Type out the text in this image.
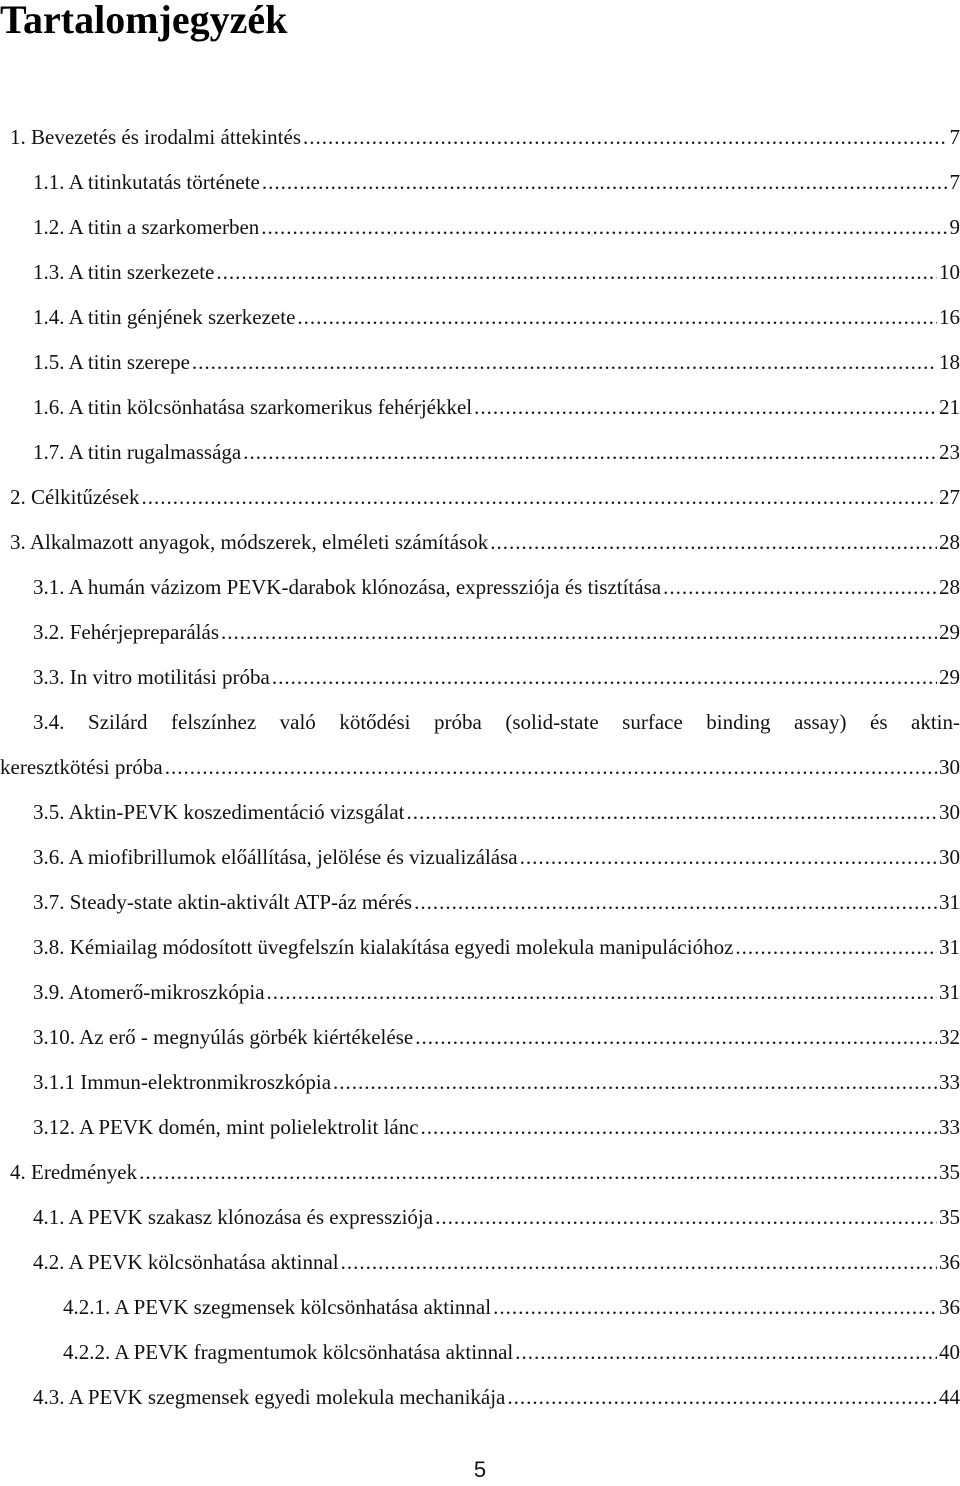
Tartalomjegyzék
1. Bevezetés és irodalmi áttekintés .....	7
1.1. A titinkutatás története .....	7
1.2. A titin a szarkomerben .....	9
1.3. A titin szerkezete .....	10
1.4. A titin génjének szerkezete .....	16
1.5. A titin szerepe .....	18
1.6. A titin kölcsönhatása szarkomerikus fehérjékkel .....	21
1.7. A titin rugalmassága .....	23
2. Célkitűzések .....	27
3. Alkalmazott anyagok, módszerek, elméleti számítások .....	28
3.1. A humán vázizom PEVK-darabok klónozása, expressziója és tisztítása .....	28
3.2. Fehérjepreparálás .....	29
3.3. In vitro motilitási próba .....	29
3.4. Szilárd felszínhez való kötődési próba (solid-state surface binding assay) és aktin-
keresztkötési próba .....	30
3.5. Aktin-PEVK koszedimentáció vizsgálat .....	30
3.6. A miofibrillumok előállítása, jelölése és vizualizálása .....	30
3.7. Steady-state aktin-aktivált ATP-áz mérés .....	31
3.8. Kémiailag módosított üvegfelszín kialakítása egyedi molekula manipulációhoz .....	31
3.9. Atomerő-mikroszkópia .....	31
3.10. Az erő - megnyúlás görbék kiértékelése .....	32
3.1.1 Immun-elektronmikroszkópia .....	33
3.12. A PEVK domén, mint polielektrolit lánc .....	33
4. Eredmények .....	35
4.1. A PEVK szakasz klónozása és expressziója .....	35
4.2. A PEVK kölcsönhatása aktinnal .....	36
4.2.1. A PEVK szegmensek kölcsönhatása aktinnal .....	36
4.2.2. A PEVK fragmentumok kölcsönhatása aktinnal .....	40
4.3. A PEVK szegmensek egyedi molekula mechanikája .....	44
5
